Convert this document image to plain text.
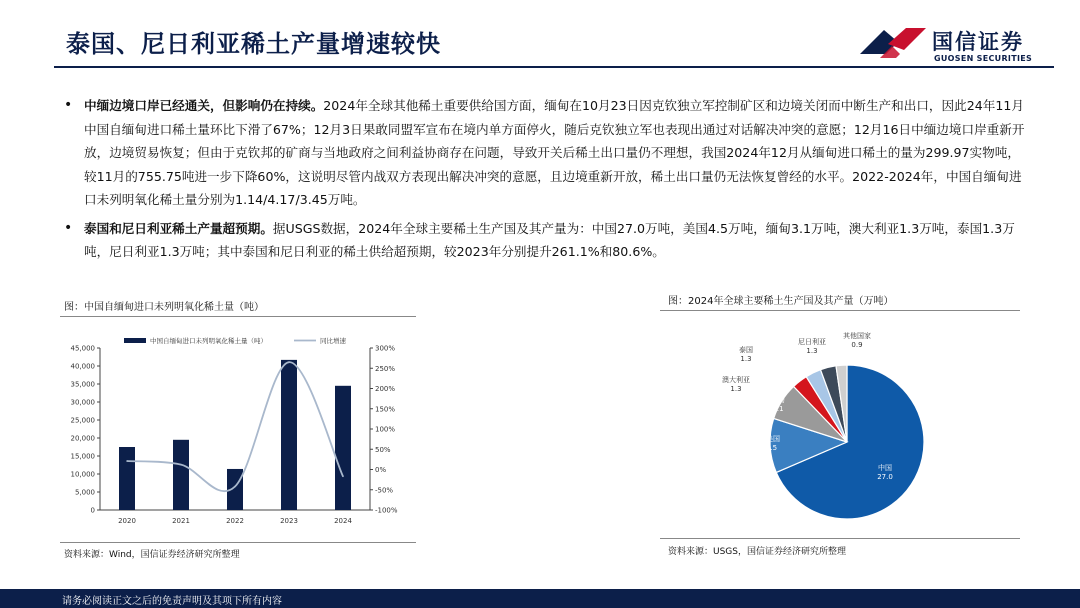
泰国、尼日利亚稀土产量增速较快	国信证券
GUOSEN SECURITIES
• 中缅边境口岸已经通关，但影响仍在持续。2024年全球其他稀土重要供给国方面，缅甸在10月23日因克钦独立军控制矿区和边境关闭而中断生产和出口，因此24年11月中国自缅甸进口稀土量环比下滑了67%；12月3日果敢同盟军宣布在境内单方面停火，随后克钦独立军也表现出通过对话解决冲突的意愿；12月16日中缅边境口岸重新开放，边境贸易恢复；但由于克钦邦的矿商与当地政府之间利益协商存在问题，导致开关后稀土出口量仍不理想，我国2024年12月从缅甸进口稀土的量为299.97实物吨，较11月的755.75吨进一步下降60%，这说明尽管内战双方表现出解决冲突的意愿，且边境重新开放，稀土出口量仍无法恢复曾经的水平。2022-2024年，中国自缅甸进口未列明氧化稀土量分别为1.14/4.17/3.45万吨。
• 泰国和尼日利亚稀土产量超预期。据USGS数据，2024年全球主要稀土生产国及其产量为：中国27.0万吨，美国4.5万吨，缅甸3.1万吨，澳大利亚1.3万吨，泰国1.3万吨，尼日利亚1.3万吨；其中泰国和尼日利亚的稀土供给超预期，较2023年分别提升261.1%和80.6%。
图：中国自缅甸进口未列明氧化稀土量（吨）
0
5,000
10,000
15,000
20,000
25,000
30,000
35,000
40,000
45,000
-100%
-50%
0%
50%
100%
150%
200%
250%
300%
2020	2021	2022	2023	2024
中国自缅甸进口未列明氧化稀土量（吨）	同比增速
资料来源：Wind，国信证券经济研究所整理
图：2024年全球主要稀土生产国及其产量（万吨）
中国
27.0
美国
4.5
缅甸
3.1
澳大利亚
1.3
泰国
1.3
尼日利亚
1.3
其他国家
0.9
资料来源：USGS，国信证券经济研究所整理
请务必阅读正文之后的免责声明及其项下所有内容
